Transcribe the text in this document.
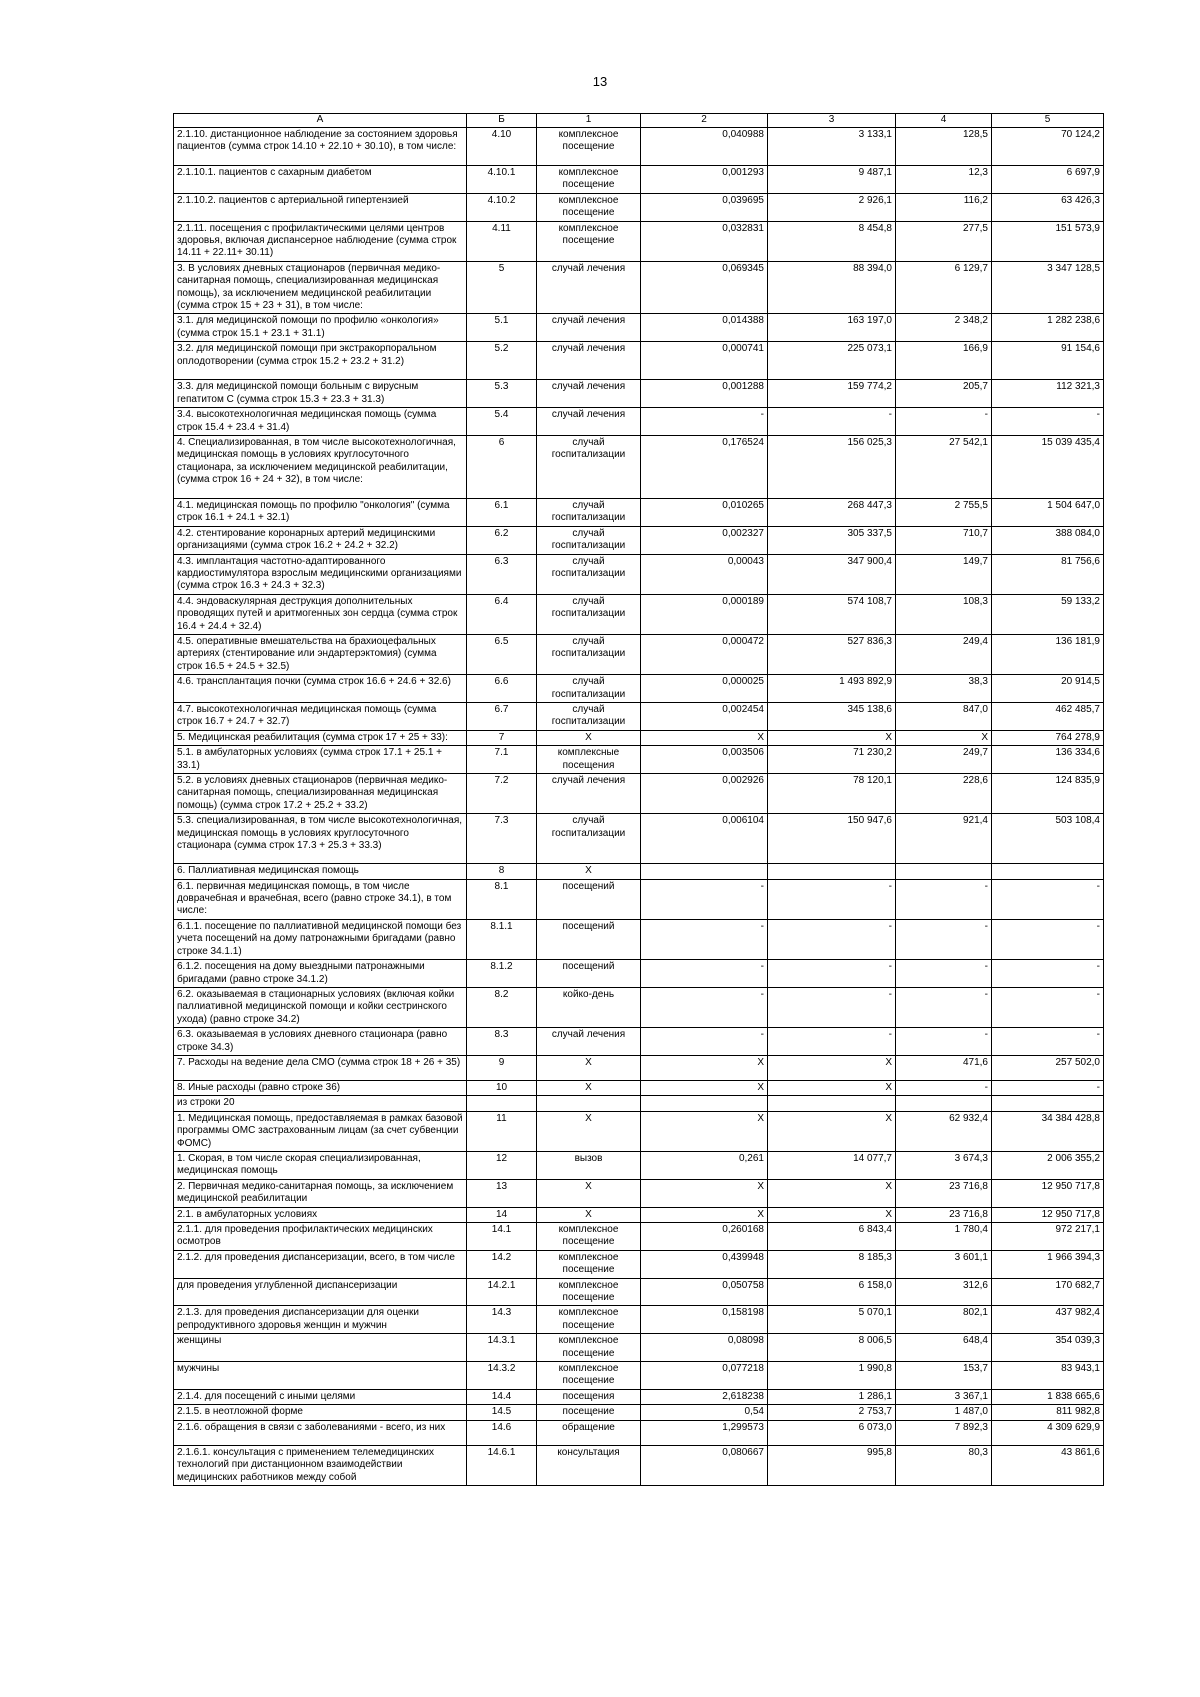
13
А	Б	1	2	3	4	5
2.1.10. дистанционное наблюдение за состоянием здоровья пациентов (сумма строк 14.10 + 22.10 + 30.10), в том числе:	4.10	комплексное посещение	0,040988	3 133,1	128,5	70 124,2
2.1.10.1. пациентов с сахарным диабетом	4.10.1	комплексное посещение	0,001293	9 487,1	12,3	6 697,9
2.1.10.2. пациентов с артериальной гипертензией	4.10.2	комплексное посещение	0,039695	2 926,1	116,2	63 426,3
2.1.11. посещения с профилактическими целями центров здоровья, включая диспансерное наблюдение (сумма строк 14.11 + 22.11+ 30.11)	4.11	комплексное посещение	0,032831	8 454,8	277,5	151 573,9
3. В условиях дневных стационаров (первичная медико-санитарная помощь, специализированная медицинская помощь), за исключением медицинской реабилитации (сумма строк 15 + 23 + 31), в том числе:	5	случай лечения	0,069345	88 394,0	6 129,7	3 347 128,5
3.1. для медицинской помощи по профилю «онкология» (сумма строк 15.1 + 23.1 + 31.1)	5.1	случай лечения	0,014388	163 197,0	2 348,2	1 282 238,6
3.2. для медицинской помощи при экстракорпоральном оплодотворении (сумма строк 15.2 + 23.2 + 31.2)	5.2	случай лечения	0,000741	225 073,1	166,9	91 154,6
3.3. для медицинской помощи больным с вирусным гепатитом С (сумма строк 15.3 + 23.3 + 31.3)	5.3	случай лечения	0,001288	159 774,2	205,7	112 321,3
3.4. высокотехнологичная медицинская помощь (сумма строк 15.4 + 23.4 + 31.4)	5.4	случай лечения	-	-	-	-
4. Специализированная, в том числе высокотехнологичная, медицинская помощь в условиях круглосуточного стационара, за исключением медицинской реабилитации, (сумма строк 16 + 24 + 32), в том числе:	6	случай госпитализации	0,176524	156 025,3	27 542,1	15 039 435,4
4.1. медицинская помощь по профилю "онкология" (сумма строк 16.1 + 24.1 + 32.1)	6.1	случай госпитализации	0,010265	268 447,3	2 755,5	1 504 647,0
4.2. стентирование коронарных артерий медицинскими организациями (сумма строк 16.2 + 24.2 + 32.2)	6.2	случай госпитализации	0,002327	305 337,5	710,7	388 084,0
4.3. имплантация частотно-адаптированного кардиостимулятора взрослым медицинскими организациями (сумма строк 16.3 + 24.3 + 32.3)	6.3	случай госпитализации	0,00043	347 900,4	149,7	81 756,6
4.4. эндоваскулярная деструкция дополнительных проводящих путей и аритмогенных зон сердца (сумма строк 16.4 + 24.4 + 32.4)	6.4	случай госпитализации	0,000189	574 108,7	108,3	59 133,2
4.5. оперативные вмешательства на брахиоцефальных артериях (стентирование или эндартерэктомия) (сумма строк 16.5 + 24.5 + 32.5)	6.5	случай госпитализации	0,000472	527 836,3	249,4	136 181,9
4.6. трансплантация почки (сумма строк 16.6 + 24.6 + 32.6)	6.6	случай госпитализации	0,000025	1 493 892,9	38,3	20 914,5
4.7. высокотехнологичная медицинская помощь (сумма строк 16.7 + 24.7 + 32.7)	6.7	случай госпитализации	0,002454	345 138,6	847,0	462 485,7
5. Медицинская реабилитация (сумма строк 17 + 25 + 33):	7	X	X	X	X	764 278,9
5.1. в амбулаторных условиях (сумма строк 17.1 + 25.1 + 33.1)	7.1	комплексные посещения	0,003506	71 230,2	249,7	136 334,6
5.2. в условиях дневных стационаров (первичная медико-санитарная помощь, специализированная медицинская помощь) (сумма строк 17.2 + 25.2 + 33.2)	7.2	случай лечения	0,002926	78 120,1	228,6	124 835,9
5.3. специализированная, в том числе высокотехнологичная, медицинская помощь в условиях круглосуточного стационара (сумма строк 17.3 + 25.3 + 33.3)	7.3	случай госпитализации	0,006104	150 947,6	921,4	503 108,4
6. Паллиативная медицинская помощь	8	X				
6.1. первичная медицинская помощь, в том числе доврачебная и врачебная, всего (равно строке 34.1), в том числе:	8.1	посещений	-	-	-	-
6.1.1. посещение по паллиативной медицинской помощи без учета посещений на дому патронажными бригадами (равно строке 34.1.1)	8.1.1	посещений	-	-	-	-
6.1.2. посещения на дому выездными патронажными бригадами (равно строке 34.1.2)	8.1.2	посещений	-	-	-	-
6.2. оказываемая в стационарных условиях (включая койки паллиативной медицинской помощи и койки сестринского ухода) (равно строке 34.2)	8.2	койко-день	-	-	-	-
6.3. оказываемая в условиях дневного стационара (равно строке 34.3)	8.3	случай лечения	-	-	-	-
7. Расходы на ведение дела СМО (сумма строк 18 + 26 + 35)	9	X	X	X	471,6	257 502,0
8. Иные расходы (равно строке 36)	10	X	X	X	-	-
из строки 20						
1. Медицинская помощь, предоставляемая в рамках базовой программы ОМС застрахованным лицам (за счет субвенции ФОМС)	11	X	X	X	62 932,4	34 384 428,8
1. Скорая, в том числе скорая специализированная, медицинская помощь	12	вызов	0,261	14 077,7	3 674,3	2 006 355,2
2. Первичная медико-санитарная помощь, за исключением медицинской реабилитации	13	X	X	X	23 716,8	12 950 717,8
2.1. в амбулаторных условиях	14	X	X	X	23 716,8	12 950 717,8
2.1.1. для проведения профилактических медицинских осмотров	14.1	комплексное посещение	0,260168	6 843,4	1 780,4	972 217,1
2.1.2. для проведения диспансеризации, всего, в том числе	14.2	комплексное посещение	0,439948	8 185,3	3 601,1	1 966 394,3
для проведения углубленной диспансеризации	14.2.1	комплексное посещение	0,050758	6 158,0	312,6	170 682,7
2.1.3. для проведения диспансеризации для оценки репродуктивного здоровья женщин и мужчин	14.3	комплексное посещение	0,158198	5 070,1	802,1	437 982,4
женщины	14.3.1	комплексное посещение	0,08098	8 006,5	648,4	354 039,3
мужчины	14.3.2	комплексное посещение	0,077218	1 990,8	153,7	83 943,1
2.1.4. для посещений с иными целями	14.4	посещения	2,618238	1 286,1	3 367,1	1 838 665,6
2.1.5. в неотложной форме	14.5	посещение	0,54	2 753,7	1 487,0	811 982,8
2.1.6. обращения в связи с заболеваниями - всего, из них	14.6	обращение	1,299573	6 073,0	7 892,3	4 309 629,9
2.1.6.1. консультация с применением телемедицинских технологий при дистанционном взаимодействии медицинских работников между собой	14.6.1	консультация	0,080667	995,8	80,3	43 861,6
